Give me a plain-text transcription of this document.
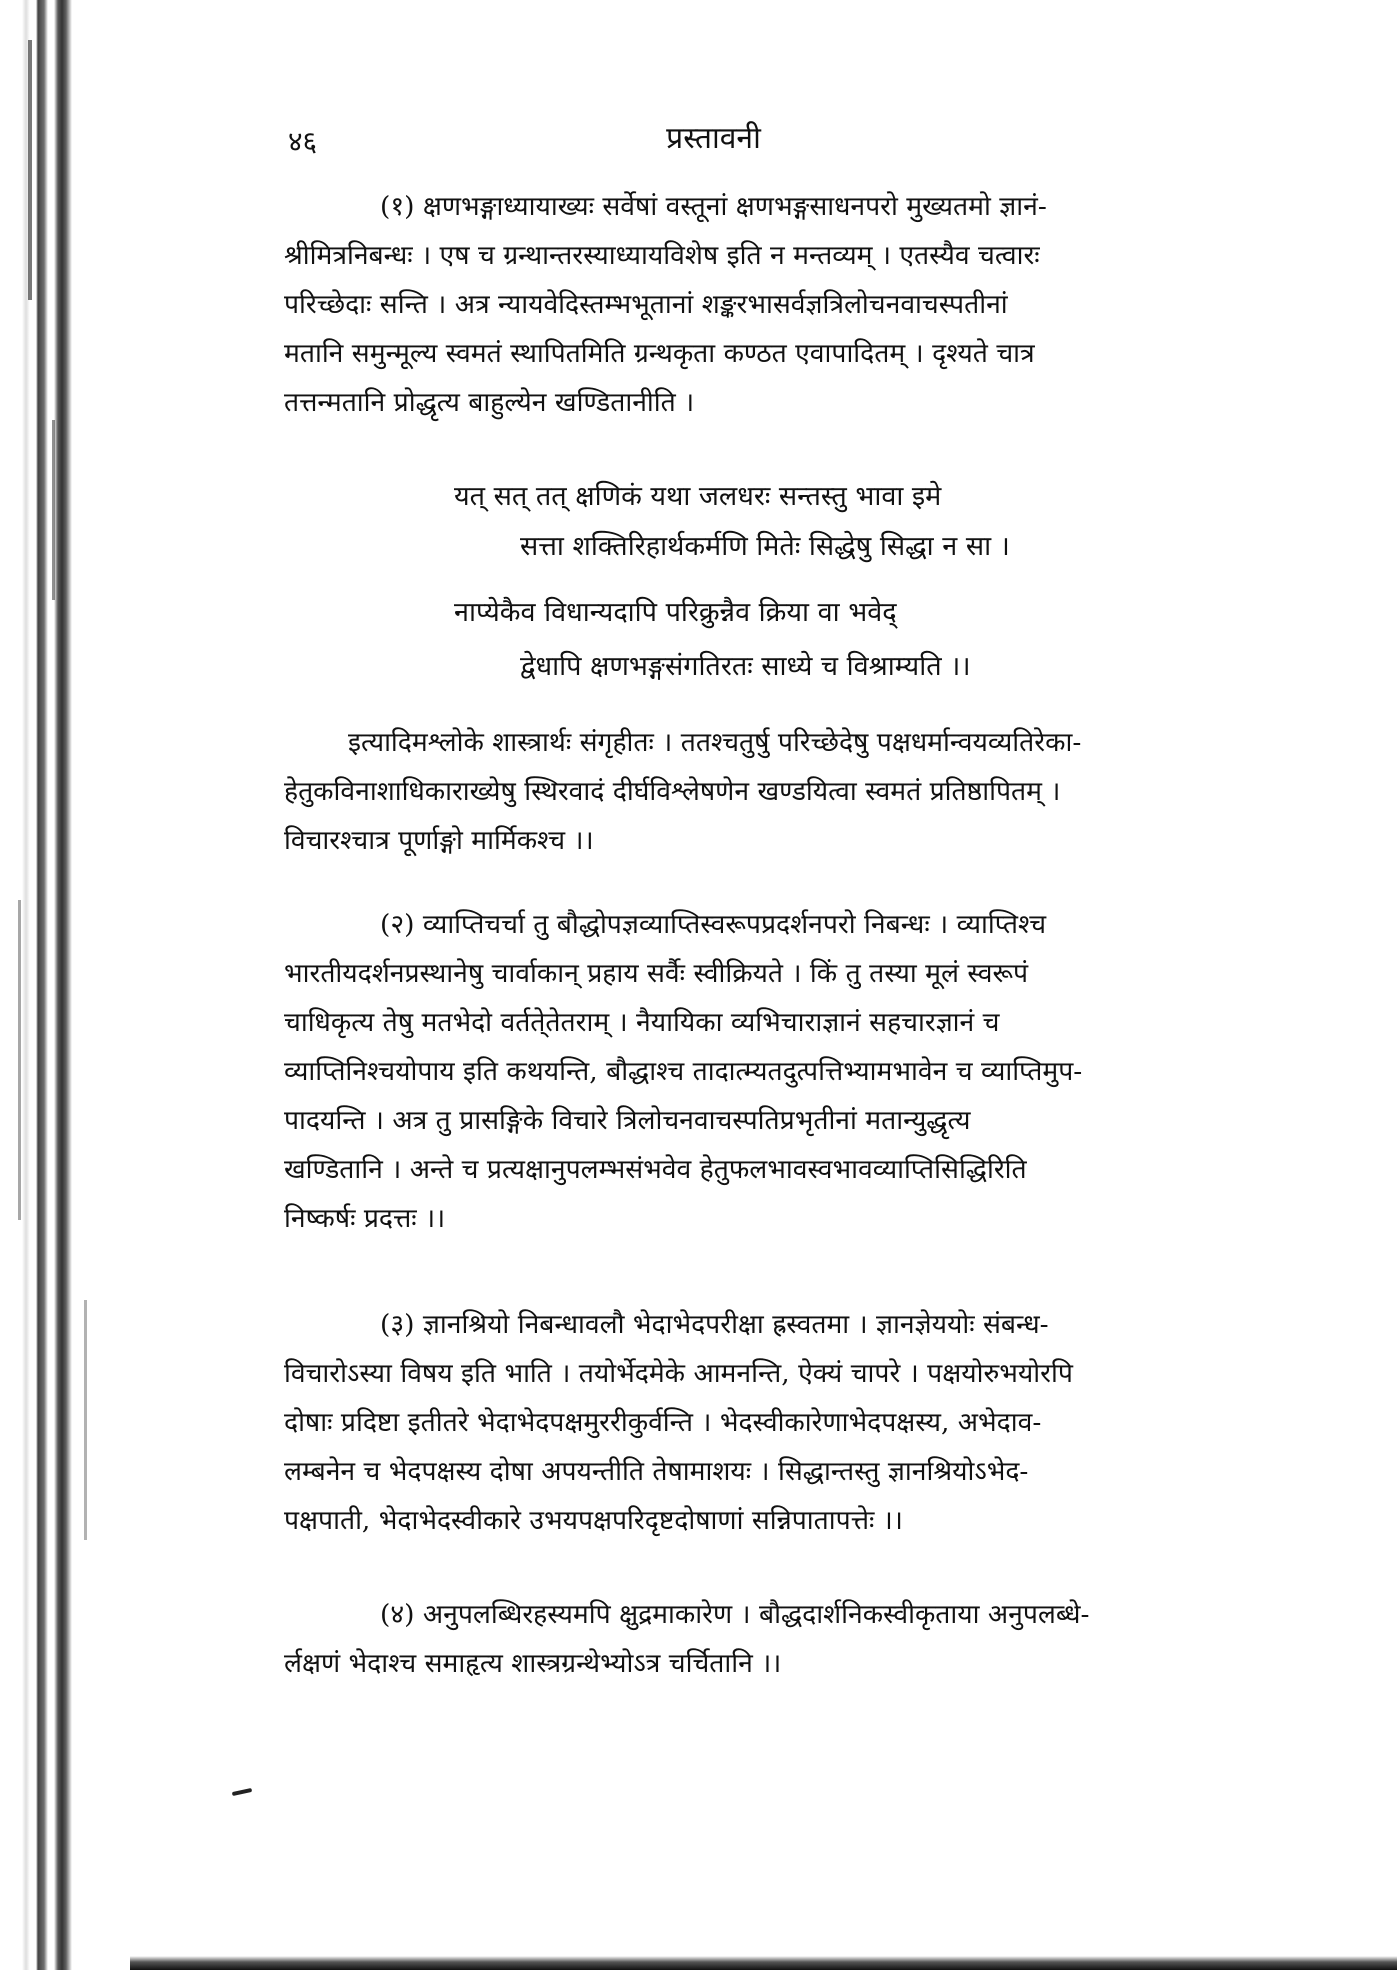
४६	प्रस्तावनी
(१) क्षणभङ्गाध्यायाख्यः सर्वेषां वस्तूनां क्षणभङ्गसाधनपरो मुख्यतमो ज्ञानं-
श्रीमित्रनिबन्धः । एष च ग्रन्थान्तरस्याध्यायविशेष इति न मन्तव्यम् । एतस्यैव चत्वारः
परिच्छेदाः सन्ति । अत्र न्यायवेदिस्तम्भभूतानां शङ्करभासर्वज्ञत्रिलोचनवाचस्पतीनां
मतानि समुन्मूल्य स्वमतं स्थापितमिति ग्रन्थकृता कण्ठत एवापादितम् । दृश्यते चात्र
तत्तन्मतानि प्रोद्धृत्य बाहुल्येन खण्डितानीति ।
यत् सत् तत् क्षणिकं यथा जलधरः सन्तस्तु भावा इमे
सत्ता शक्तिरिहार्थकर्मणि मितेः सिद्धेषु सिद्धा न सा ।
नाप्येकैव विधान्यदापि परिक्रुन्नैव क्रिया वा भवेद्
द्वेधापि क्षणभङ्गसंगतिरतः साध्ये च विश्राम्यति ।।
इत्यादिमश्लोके शास्त्रार्थः संगृहीतः । ततश्चतुर्षु परिच्छेदेषु पक्षधर्मान्वयव्यतिरेका-
हेतुकविनाशाधिकाराख्येषु स्थिरवादं दीर्घविश्लेषणेन खण्डयित्वा स्वमतं प्रतिष्ठापितम् ।
विचारश्चात्र पूर्णाङ्गो मार्मिकश्च ।।
(२) व्याप्तिचर्चा तु बौद्धोपज्ञव्याप्तिस्वरूपप्रदर्शनपरो निबन्धः । व्याप्तिश्च
भारतीयदर्शनप्रस्थानेषु चार्वाकान् प्रहाय सर्वैः स्वीक्रियते । किं तु तस्या मूलं स्वरूपं
चाधिकृत्य तेषु मतभेदो वर्तते्तेतराम् । नैयायिका व्यभिचाराज्ञानं सहचारज्ञानं च
व्याप्तिनिश्चयोपाय इति कथयन्ति, बौद्धाश्च तादात्म्यतदुत्पत्तिभ्यामभावेन च व्याप्तिमुप-
पादयन्ति । अत्र तु प्रासङ्गिके विचारे त्रिलोचनवाचस्पतिप्रभृतीनां मतान्युद्धृत्य
खण्डितानि । अन्ते च प्रत्यक्षानुपलम्भसंभवेव हेतुफलभावस्वभावव्याप्तिसिद्धिरिति
निष्कर्षः प्रदत्तः ।।
(३) ज्ञानश्रियो निबन्धावलौ भेदाभेदपरीक्षा ह्रस्वतमा । ज्ञानज्ञेययोः संबन्ध-
विचारोऽस्या विषय इति भाति । तयोर्भेदमेके आमनन्ति, ऐक्यं चापरे । पक्षयोरुभयोरपि
दोषाः प्रदिष्टा इतीतरे भेदाभेदपक्षमुररीकुर्वन्ति । भेदस्वीकारेणाभेदपक्षस्य, अभेदाव-
लम्बनेन च भेदपक्षस्य दोषा अपयन्तीति तेषामाशयः । सिद्धान्तस्तु ज्ञानश्रियोऽभेद-
पक्षपाती, भेदाभेदस्वीकारे उभयपक्षपरिदृष्टदोषाणां सन्निपातापत्तेः ।।
(४) अनुपलब्धिरहस्यमपि क्षुद्रमाकारेण । बौद्धदार्शनिकस्वीकृताया अनुपलब्धे-
र्लक्षणं भेदाश्च समाहृत्य शास्त्रग्रन्थेभ्योऽत्र चर्चितानि ।।
